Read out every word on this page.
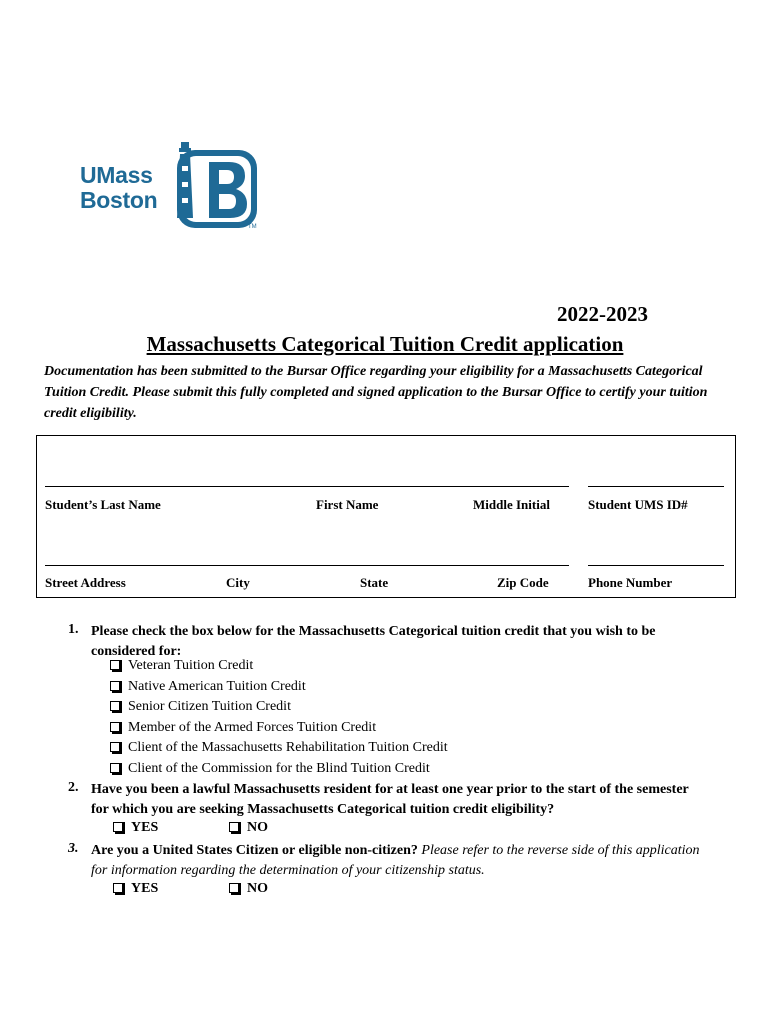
UMass
Boston
TM
2022-2023
Massachusetts Categorical Tuition Credit application
Documentation has been submitted to the Bursar Office regarding your eligibility for a Massachusetts Categorical Tuition Credit. Please submit this fully completed and signed application to the Bursar Office to certify your tuition credit eligibility.
Student’s Last Name	First Name	Middle Initial	Student UMS ID#
Street Address	City	State	Zip Code	Phone Number
1. Please check the box below for the Massachusetts Categorical tuition credit that you wish to be considered for:
Veteran Tuition Credit
Native American Tuition Credit
Senior Citizen Tuition Credit
Member of the Armed Forces Tuition Credit
Client of the Massachusetts Rehabilitation Tuition Credit
Client of the Commission for the Blind Tuition Credit
2. Have you been a lawful Massachusetts resident for at least one year prior to the start of the semester for which you are seeking Massachusetts Categorical tuition credit eligibility?
YES	NO
3. Are you a United States Citizen or eligible non-citizen? Please refer to the reverse side of this application for information regarding the determination of your citizenship status.
YES	NO
